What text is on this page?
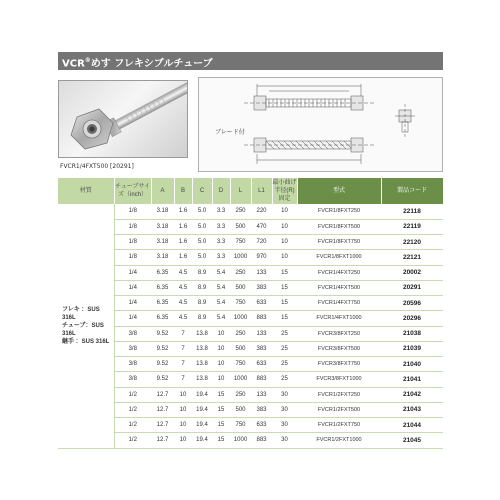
VCR®めす フレキシブルチューブ
FVCR1/4FXT500 [20291]
ブレード付
材質	チューブサイズ（inch）	A	B	C	D	L	L1	最小曲げ半径(R)固定	型式	製品コード

フレキ ：SUS 316L
チューブ：SUS 316L
継手 ：SUS 316L	1/8	3.18	1.6	5.0	3.3	250	220	10	FVCR1/8FXT250	22118
	1/8	3.18	1.6	5.0	3.3	500	470	10	FVCR1/8FXT500	22119
	1/8	3.18	1.6	5.0	3.3	750	720	10	FVCR1/8FXT750	22120
	1/8	3.18	1.6	5.0	3.3	1000	970	10	FVCR1/8FXT1000	22121
	1/4	6.35	4.5	8.9	5.4	250	133	15	FVCR1/4FXT250	20002
	1/4	6.35	4.5	8.9	5.4	500	383	15	FVCR1/4FXT500	20291
	1/4	6.35	4.5	8.9	5.4	750	633	15	FVCR1/4FXT750	20596
	1/4	6.35	4.5	8.9	5.4	1000	883	15	FVCR1/4FXT1000	20296
	3/8	9.52	7	13.8	10	250	133	25	FVCR3/8FXT250	21038
	3/8	9.52	7	13.8	10	500	383	25	FVCR3/8FXT500	21039
	3/8	9.52	7	13.8	10	750	633	25	FVCR3/8FXT750	21040
	3/8	9.52	7	13.8	10	1000	883	25	FVCR3/8FXT1000	21041
	1/2	12.7	10	19.4	15	250	133	30	FVCR1/2FXT250	21042
	1/2	12.7	10	19.4	15	500	383	30	FVCR1/2FXT500	21043
	1/2	12.7	10	19.4	15	750	633	30	FVCR1/2FXT750	21044
	1/2	12.7	10	19.4	15	1000	883	30	FVCR1/2FXT1000	21045
